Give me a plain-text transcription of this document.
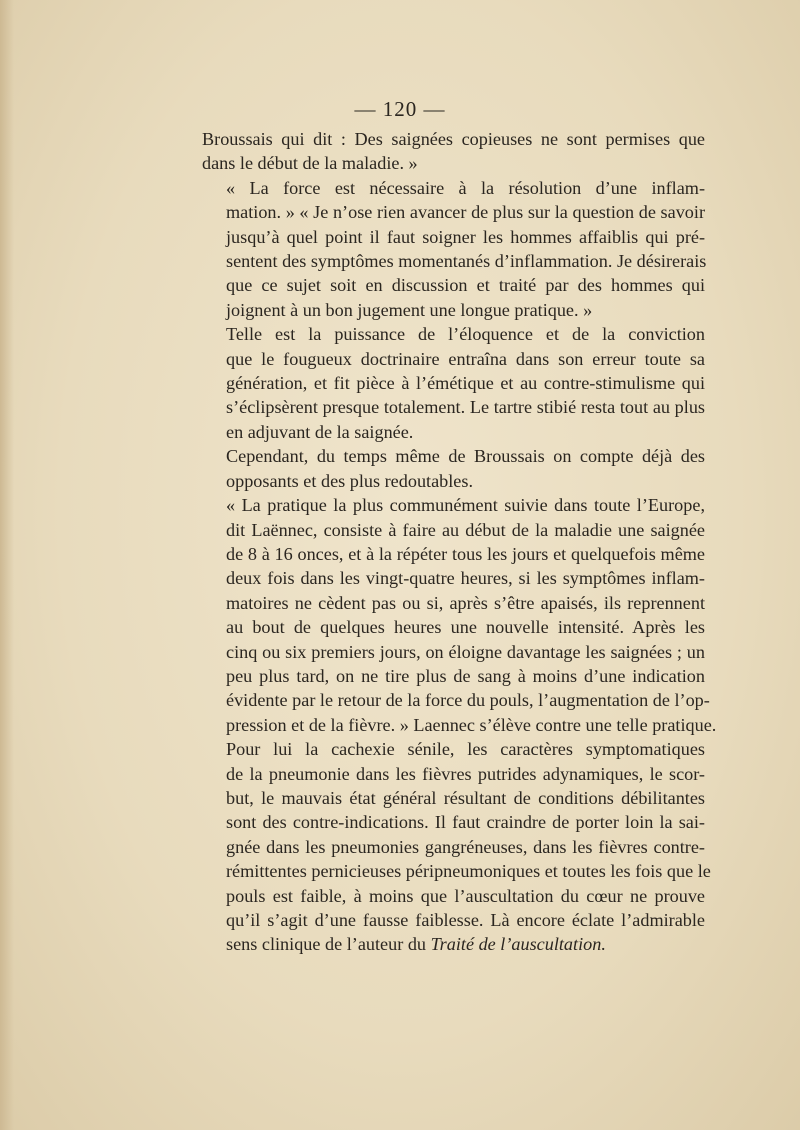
— 120 —

Broussais qui dit : Des saignées copieuses ne sont permises que
dans le début de la maladie. »

« La force est nécessaire à la résolution d’une inflam-
mation. » « Je n’ose rien avancer de plus sur la question de savoir
jusqu’à quel point il faut soigner les hommes affaiblis qui pré-
sentent des symptômes momentanés d’inflammation. Je désirerais
que ce sujet soit en discussion et traité par des hommes qui
joignent à un bon jugement une longue pratique. »

Telle est la puissance de l’éloquence et de la conviction
que le fougueux doctrinaire entraîna dans son erreur toute sa
génération, et fit pièce à l’émétique et au contre-stimulisme qui
s’éclipsèrent presque totalement. Le tartre stibié resta tout au plus
en adjuvant de la saignée.

Cependant, du temps même de Broussais on compte déjà des
opposants et des plus redoutables.

« La pratique la plus communément suivie dans toute l’Europe,
dit Laënnec, consiste à faire au début de la maladie une saignée
de 8 à 16 onces, et à la répéter tous les jours et quelquefois même
deux fois dans les vingt-quatre heures, si les symptômes inflam-
matoires ne cèdent pas ou si, après s’être apaisés, ils reprennent
au bout de quelques heures une nouvelle intensité. Après les
cinq ou six premiers jours, on éloigne davantage les saignées ; un
peu plus tard, on ne tire plus de sang à moins d’une indication
évidente par le retour de la force du pouls, l’augmentation de l’op-
pression et de la fièvre. » Laennec s’élève contre une telle pratique.

Pour lui la cachexie sénile, les caractères symptomatiques
de la pneumonie dans les fièvres putrides adynamiques, le scor-
but, le mauvais état général résultant de conditions débilitantes
sont des contre-indications. Il faut craindre de porter loin la sai-
gnée dans les pneumonies gangréneuses, dans les fièvres contre-
rémittentes pernicieuses péripneumoniques et toutes les fois que le
pouls est faible, à moins que l’auscultation du cœur ne prouve
qu’il s’agit d’une fausse faiblesse. Là encore éclate l’admirable
sens clinique de l’auteur du Traité de l’auscultation.
